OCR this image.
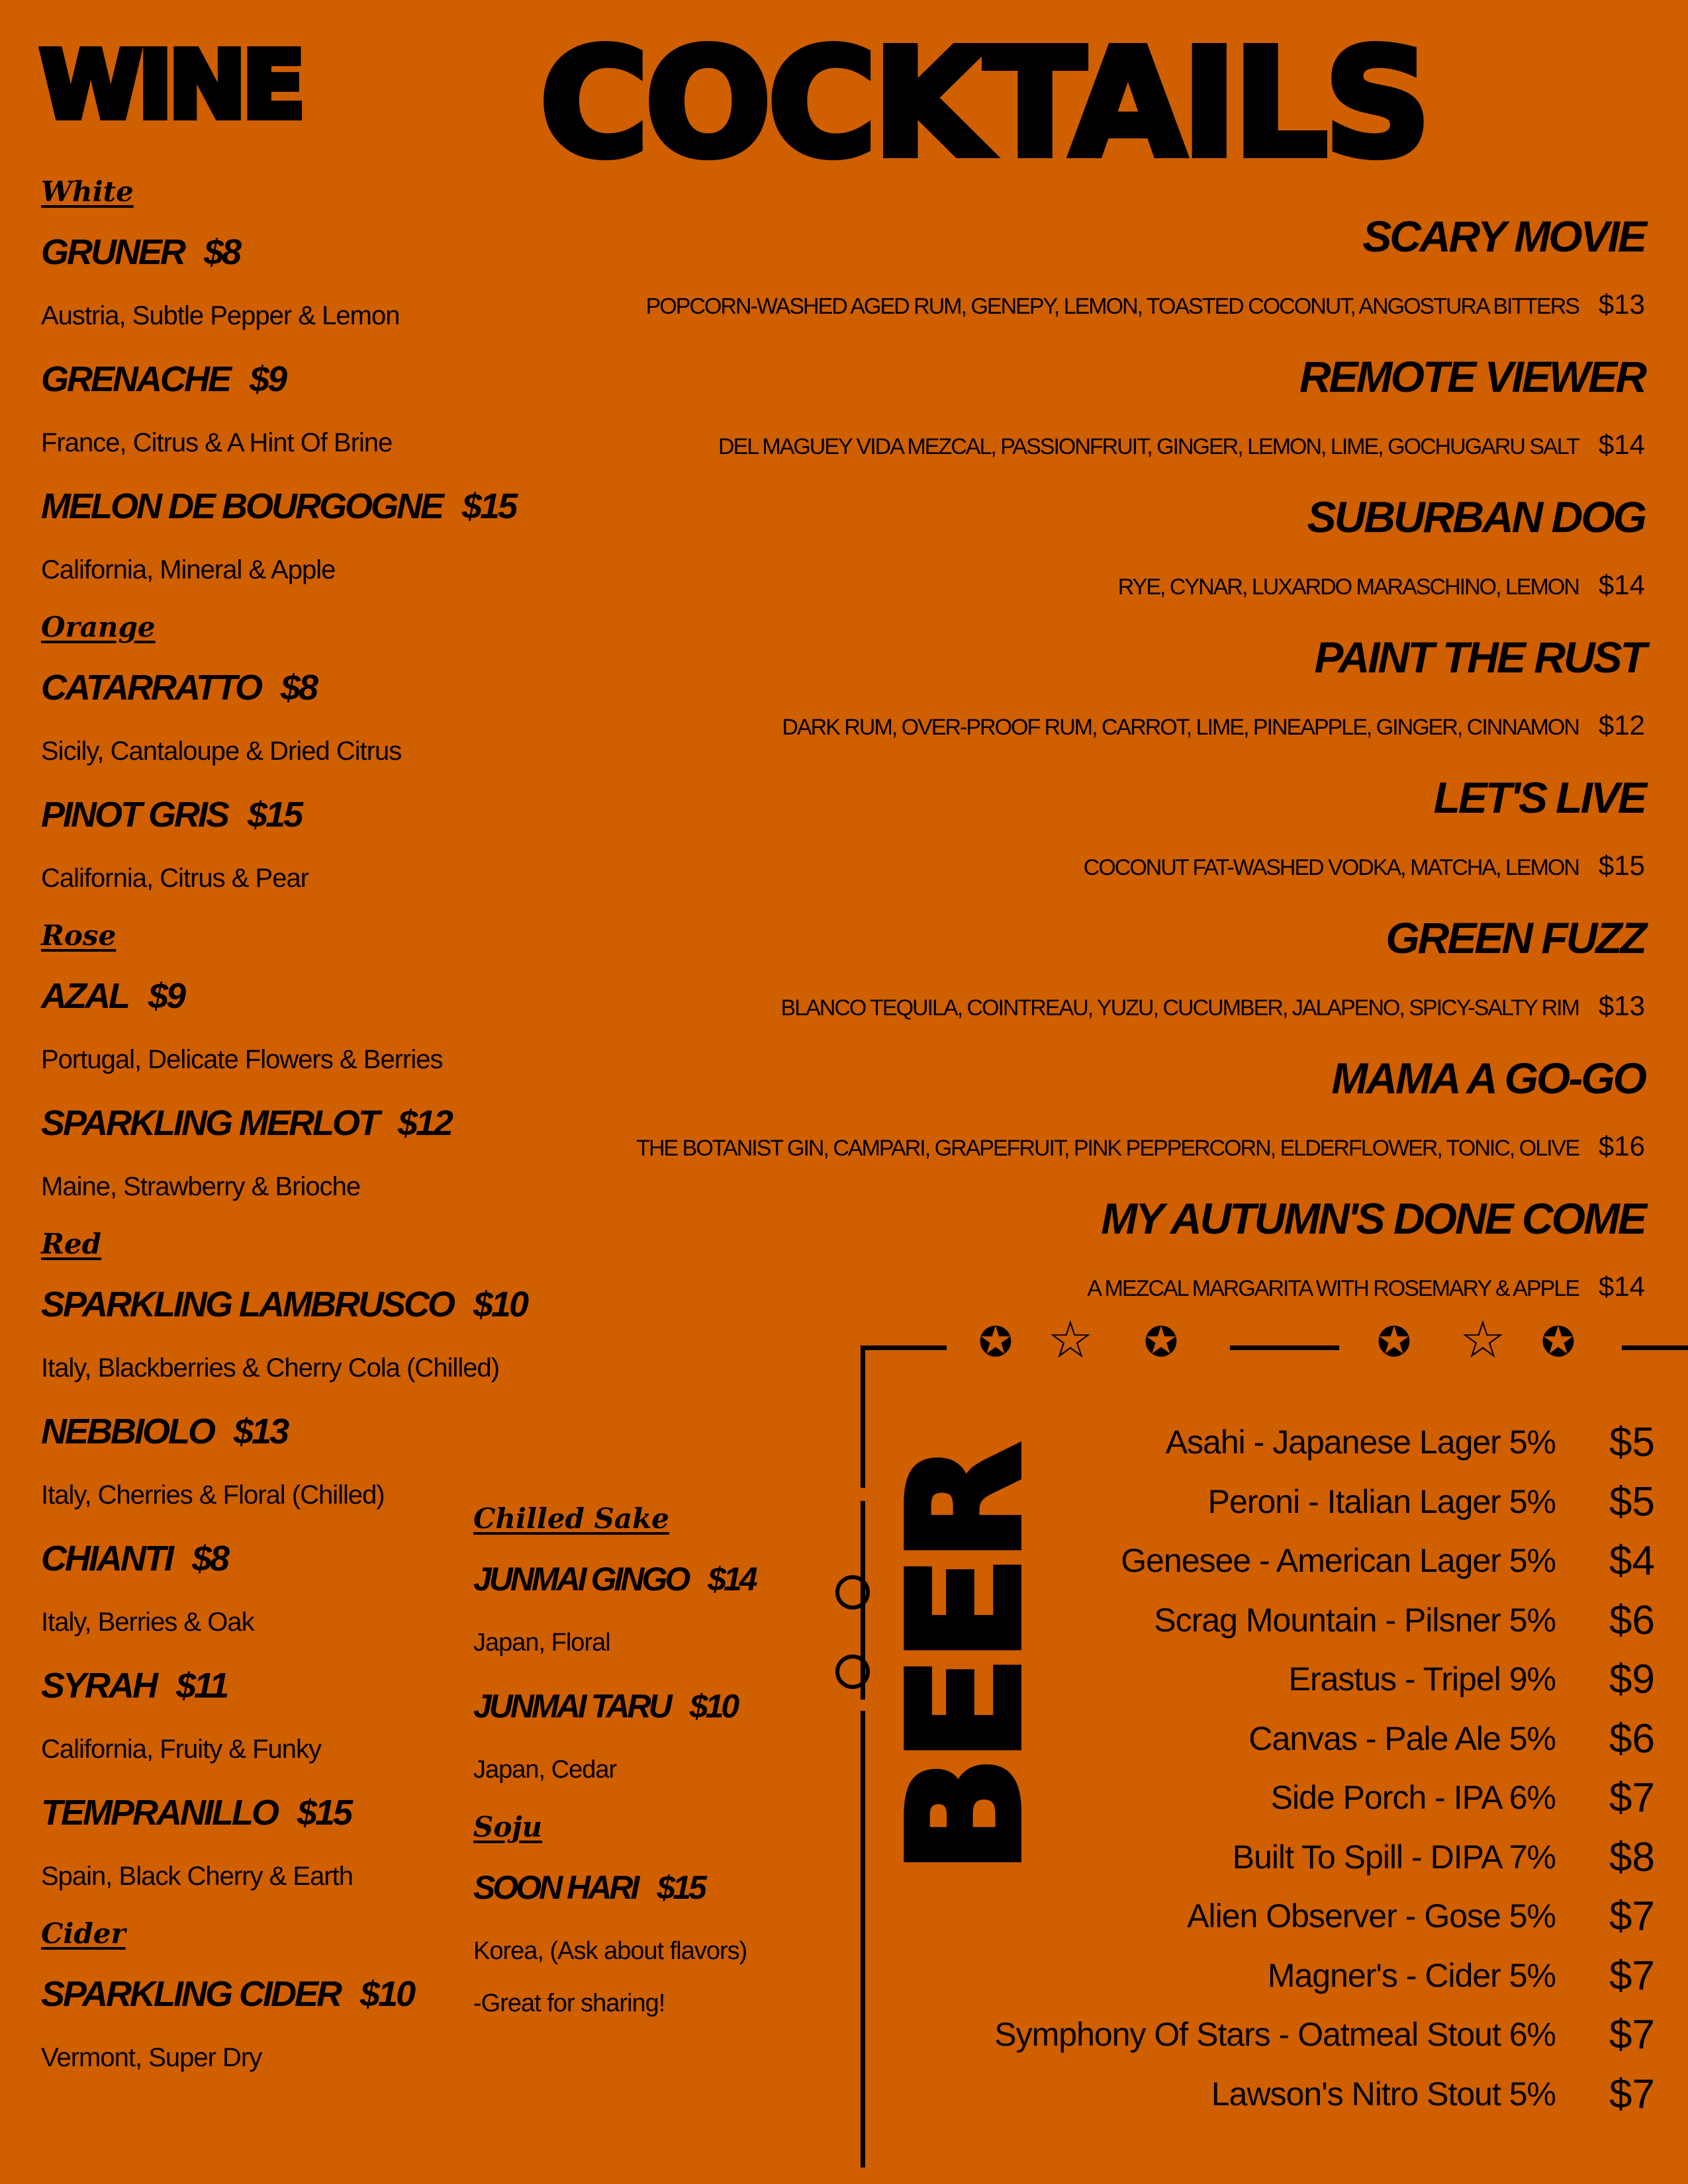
WINE COCKTAILS
White
GRUNER $8
Austria, Subtle Pepper & Lemon
GRENACHE $9
France, Citrus & A Hint Of Brine
MELON DE BOURGOGNE $15
California, Mineral & Apple
Orange
CATARRATTO $8
Sicily, Cantaloupe & Dried Citrus
PINOT GRIS $15
California, Citrus & Pear
Rose
AZAL $9
Portugal, Delicate Flowers & Berries
SPARKLING MERLOT $12
Maine, Strawberry & Brioche
Red
SPARKLING LAMBRUSCO $10
Italy, Blackberries & Cherry Cola (Chilled)
NEBBIOLO $13
Italy, Cherries & Floral (Chilled)
CHIANTI $8
Italy, Berries & Oak
SYRAH $11
California, Fruity & Funky
TEMPRANILLO $15
Spain, Black Cherry & Earth
Cider
SPARKLING CIDER $10
Vermont, Super Dry
Chilled Sake
JUNMAI GINGO $14
Japan, Floral
JUNMAI TARU $10
Japan, Cedar
Soju
SOON HARI $15
Korea, (Ask about flavors)
-Great for sharing!
SCARY MOVIE
POPCORN-WASHED AGED RUM, GENEPY, LEMON, TOASTED COCONUT, ANGOSTURA BITTERS $13
REMOTE VIEWER
DEL MAGUEY VIDA MEZCAL, PASSIONFRUIT, GINGER, LEMON, LIME, GOCHUGARU SALT $14
SUBURBAN DOG
RYE, CYNAR, LUXARDO MARASCHINO, LEMON $14
PAINT THE RUST
DARK RUM, OVER-PROOF RUM, CARROT, LIME, PINEAPPLE, GINGER, CINNAMON $12
LET'S LIVE
COCONUT FAT-WASHED VODKA, MATCHA, LEMON $15
GREEN FUZZ
BLANCO TEQUILA, COINTREAU, YUZU, CUCUMBER, JALAPENO, SPICY-SALTY RIM $13
MAMA A GO-GO
THE BOTANIST GIN, CAMPARI, GRAPEFRUIT, PINK PEPPERCORN, ELDERFLOWER, TONIC, OLIVE $16
MY AUTUMN'S DONE COME
A MEZCAL MARGARITA WITH ROSEMARY & APPLE $14
✪ ☆ ✪	✪ ☆ ✪
BEER
Asahi - Japanese Lager 5% $5
Peroni - Italian Lager 5% $5
Genesee - American Lager 5% $4
Scrag Mountain - Pilsner 5% $6
Erastus - Tripel 9% $9
Canvas - Pale Ale 5% $6
Side Porch - IPA 6% $7
Built To Spill - DIPA 7% $8
Alien Observer - Gose 5% $7
Magner's - Cider 5% $7
Symphony Of Stars - Oatmeal Stout 6% $7
Lawson's Nitro Stout 5% $7
